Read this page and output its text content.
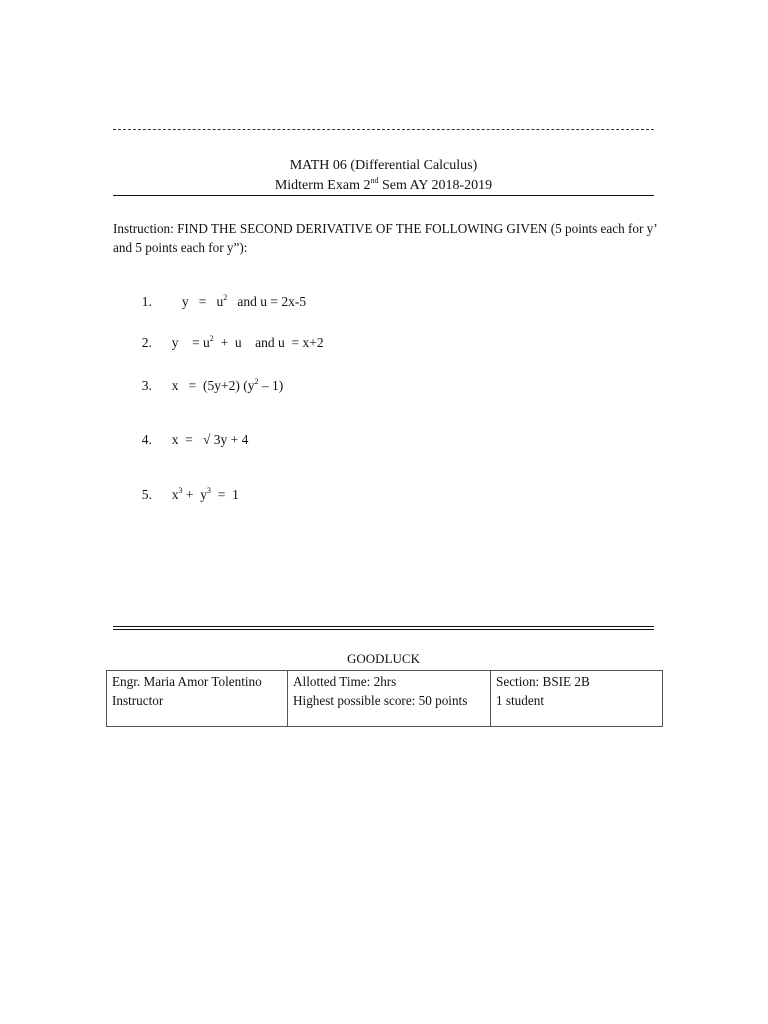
MATH 06 (Differential Calculus)
Midterm Exam 2nd Sem AY 2018-2019
Instruction: FIND THE SECOND DERIVATIVE OF THE FOLLOWING GIVEN (5 points each for y’ and 5 points each for y”):

1.   $y = u^2$   and u = 2x-5

2. y    = $u^2 + u$    and u  = x+2

3. x   =  (5y+2) $(y^2 - 1)$

4. x  =   √ 3y + 4

5. $x^3 + y^3 = 1$

GOODLUCK
Engr. Maria Amor Tolentino
Instructor

Allotted Time: 2hrs
Highest possible score: 50 points

Section: BSIE 2B
1 student
